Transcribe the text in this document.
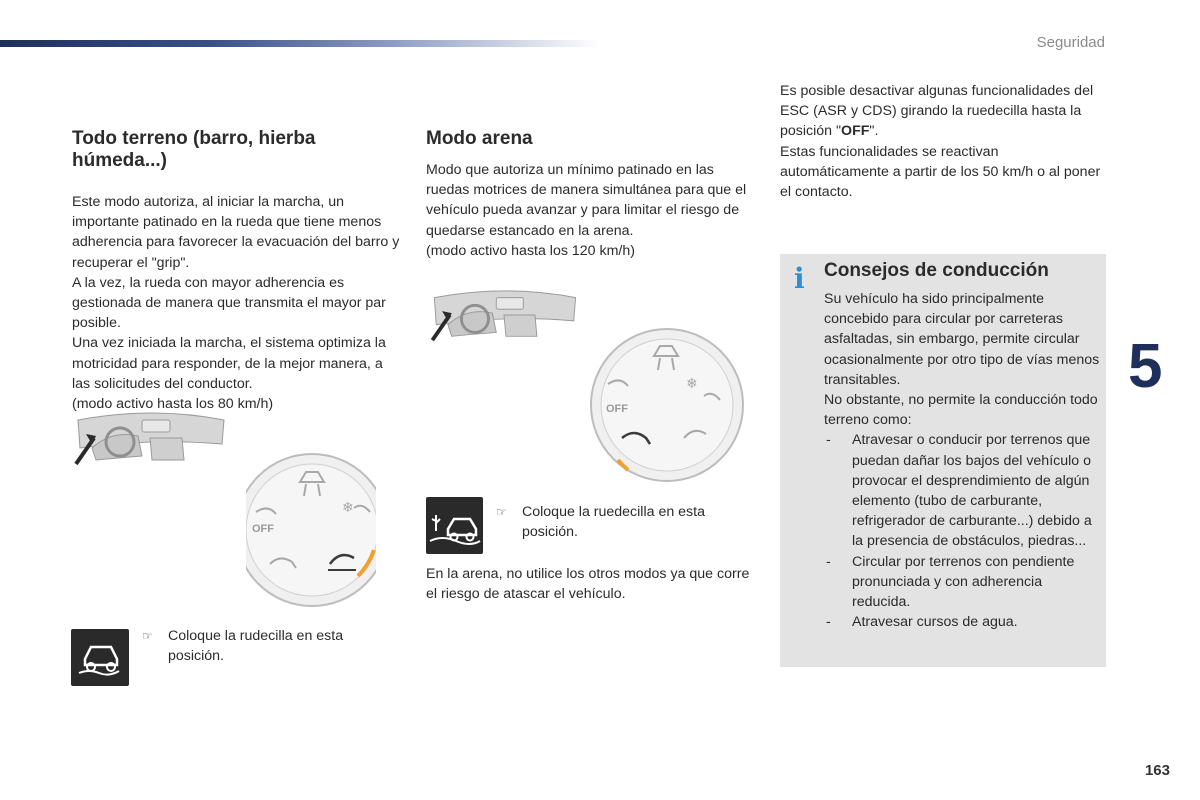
Seguridad
5
163
Todo terreno (barro, hierba húmeda...)

Este modo autoriza, al iniciar la marcha, un importante patinado en la rueda que tiene menos adherencia para favorecer la evacuación del barro y recuperar el "grip".

A la vez, la rueda con mayor adherencia es gestionada de manera que transmita el mayor par posible.

Una vez iniciada la marcha, el sistema optimiza la motricidad para responder, de la mejor manera, a las solicitudes del conductor.

(modo activo hasta los 80 km/h)

OFF
❄
☞ Coloque la rudecilla en esta posición.
Modo arena

Modo que autoriza un mínimo patinado en las ruedas motrices de manera simultánea para que el vehículo pueda avanzar y para limitar el riesgo de quedarse estancado en la arena.

(modo activo hasta los 120 km/h)

OFF
❄
☞ Coloque la ruedecilla en esta posición.

En la arena, no utilice los otros modos ya que corre el riesgo de atascar el vehículo.

Es posible desactivar algunas funcionalidades del ESC (ASR y CDS) girando la ruedecilla hasta la posición "OFF".

Estas funcionalidades se reactivan automáticamente a partir de los 50 km/h o al poner el contacto.

i Consejos de conducción

Su vehículo ha sido principalmente concebido para circular por carreteras asfaltadas, sin embargo, permite circular ocasionalmente por otro tipo de vías menos transitables.

No obstante, no permite la conducción todo terreno como:

- Atravesar o conducir por terrenos que puedan dañar los bajos del vehículo o provocar el desprendimiento de algún elemento (tubo de carburante, refrigerador de carburante...) debido a la presencia de obstáculos, piedras...
- Circular por terrenos con pendiente pronunciada y con adherencia reducida.
- Atravesar cursos de agua.
